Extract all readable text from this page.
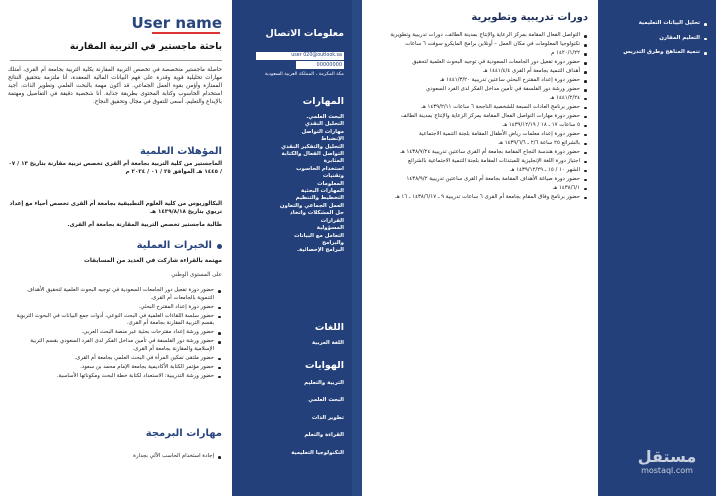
User name
باحثة ماجستير في التربية المقارنة
حاصلة ماجستير متخصصة في تخصص التربية المقارنة بكلية التربية بجامعة أم القرى، أمتلك مهارات تحليلية قوية وقدرة على فهم البيانات المالية المعقدة، أنا ملتزمة بتحقيق النتائج الممتازة وأؤمن بقوة العمل الجماعي. قد أكون مهمة بالبحث العلمي وتطوير الذات. أجيد استخدام الحاسوب وكتابة المحتوى بطريقة جذابة. أنا شخصية دقيقة في التفاصيل ومهتمة بالإبداع والتعليم، أسعى للتفوق في مجال وتحقيق النجاح.
المؤهلات العلمية
الماجستير من كلية التربية بجامعة أم القرى تخصص تربية مقارنة بتاريخ ١٣ / ٠٧ / ١٤٤٥ هـ الموافق ٢٥ / ٠١ / ٢٠٢٤ م
البكالوريوس من كلية العلوم التطبيقية بجامعة أم القرى تخصص أحياء مع إعداد تربوي بتاريخ ١٤٣٩/٨/١٨ هـ
طالبة ماجستير تخصص التربية المقارنة بجامعة أم القرى.
الخبرات العملية
مهتمة بالقراءة شاركت في العديد من المسابقات
على المستوى الوطني
حضور دورة تفعيل دور الجامعات السعودية في توجيه البحوث العلمية لتحقيق الأهداف التنموية بالجامعات أم القرى.
حضور دورة إعداد المقترح البحثي.
حضور سلسة اللقاءات العلمية في البحث النوعي، أدوات جمع البيانات في البحوث التربوية بقسم التربية المقارنة بجامعة أم القرى.
حضور ورشة إعداد مقترحات بحثية عبر منصة البحث العربي.
حضور ورشة دور الفلسفة في تأمين مداخل الفكر لدى الفرد السعودي بقسم التربية الإسلامية والمقارنة بجامعة أم القرى.
حضور ملتقى تمكين المرأة في البحث العلمي بجامعة أم القرى.
حضور مؤتمر الكتابة الأكاديمية بجامعة الإمام محمد بن سعود.
حضور ورشة التدريبية: الاستعداد لكتابة خطة البحث ومكوناتها الأساسية.
مهارات البرمجة
إجادة استخدام الحاسب الآلي بجدارة
معلومات الاتصال
user 020@outlook.sa
00000000
مكة المكرمة ، المملكة العربية السعودية
المهارات
البحث العلمي.
التحليل النقدي
مهارات التواصل
الإنضباط
التحليل والتفكير النقدي
التواصل الفعال والكتابة
المثابرة
استخدام الحاسوب
وتقنيات
المعلومات
المهارات البحثية
التخطيط والتنظيم
العمل الجماعي والتعاون
حل المشكلات واتخاذ
القرارات
المسؤولية
التعامل مع البيانات
والبرامج
البرامج الإحصائية.
اللغات
اللغة العربية
الهوايات
التربية والتعليم
البحث العلمي
تطوير الذات
القراءة والتعلم
التكنولوجيا التعليمية
دورات تدريبية وتطويرية
التواصل الفعال المقامة بمركز الرعاية والإنتاج بمدينة الطائف، دورات تدريبية وتطويرية
تكنولوجيا المعلومات في مكان العمل – أونلاين برامج المايكرو سوفت ٦ ساعات
١٤٢٠/١/٢٢ م
حضور دورة تفعيل دور الجامعات السعودية في توجيه البحوث العلمية لتحقيق
أهداف التنمية بجامعة أم القرى ١٤٤١/٤/٤ هـ
حضور دورة إعداد المقترح البحثي ساعتين تدريبية ١٤٤١/٣/٢٠ هـ
حضور ورشة دور الفلسفة في تأمين مداخل الفكر لدى الفرد السعودي
١٤٤١/٢/٢٤ هـ
حضور برنامج العادات السبعة للشخصية الناجحة ٦ ساعات ١٤٣٩/٢/١١ هـ
حضور دورة مهارات التواصل الفعال المقامة بمركز الرعاية والإنتاج بمدينة الطائف
٥ ساعات ١٧ ـ ١٨ / ١٤٣٩/١٢/١٩ هـ
حضور دورة إعداد معلمات رياض الأطفال المقامة بلجنة التنمية الاجتماعية
بالشرائع ٢٥ ساعة ٢/٦ ـ ١٤٣٩/٦/٦ هـ
حضور دورة هندسة النجاح المقامة بجامعة أم القرى ساعتين تدريبية ١٤٣٨/٧/٢٤ هـ
اجتياز دورة اللغة الإنجليزية للمبتدئات المقامة بلجنة التنمية الاجتماعية بالشرائع
الشهر ١٠ / ١٥ ـ ١٤٣٩/١٢/٢٩ هـ
حضور دورة صياغة الأهداف المقامة بجامعة أم القرى ساعتين تدريبية ١٤٣٨/٩/٢
١٤٣٨/٦/١ هـ
حضور برنامج وفاق المقام بجامعة أم القرى ٦ ساعات تدريبية ٩ ـ ١٤٣٨/٦/١٧ ـ ١٦ هـ
تحليل البيانات التعليمية
التعليم المقارن
تنمية المناهج وطرق التدريس
مستقل
mostaql.com
